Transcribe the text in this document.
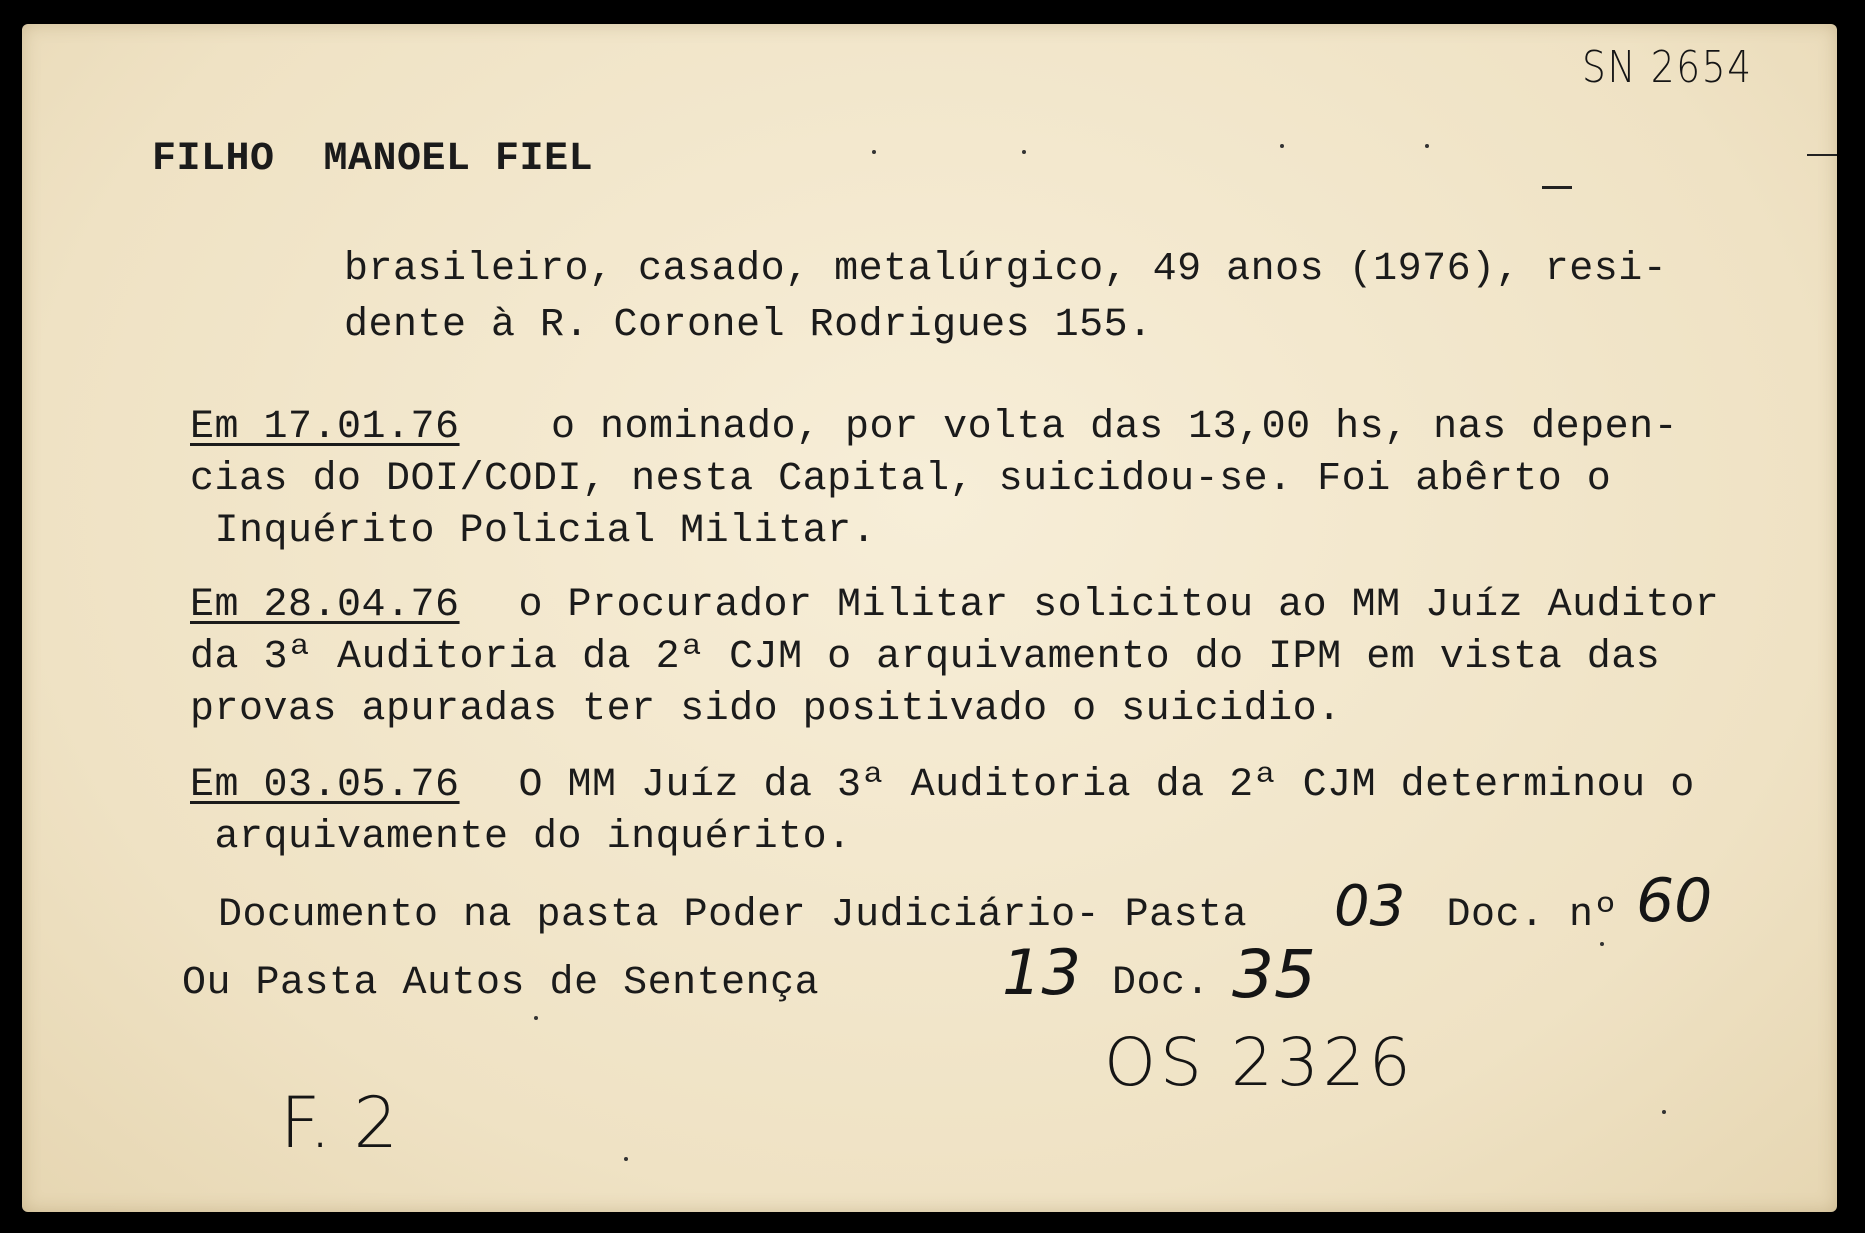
SN 2654
FILHO  MANOEL FIEL
brasileiro, casado, metalúrgico, 49 anos (1976), resi-
dente à R. Coronel Rodrigues 155.
Em 17.01.76 o nominado, por volta das 13,00 hs, nas depen-
cias do DOI/CODI, nesta Capital, suicidou-se. Foi abêrto o
Inquérito Policial Militar.
Em 28.04.76 o Procurador Militar solicitou ao MM Juíz Auditor
da 3ª Auditoria da 2ª CJM o arquivamento do IPM em vista das
provas apuradas ter sido positivado o suicidio.
Em 03.05.76 O MM Juíz da 3ª Auditoria da 2ª CJM determinou o
arquivamente do inquérito.
Documento na pasta Poder Judiciário- Pasta 03 Doc. nº 60
Ou Pasta Autos de Sentença	13 Doc. 35
OS 2326
F. 2
